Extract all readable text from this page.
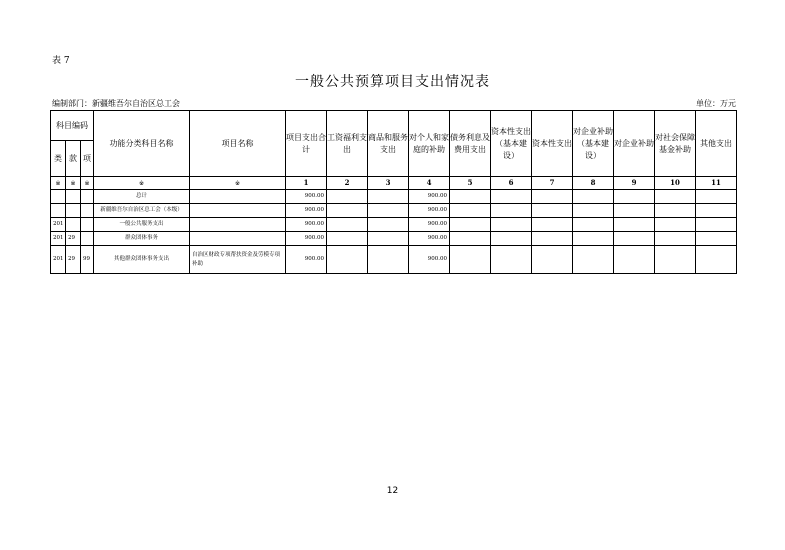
表 7
一般公共预算项目支出情况表
编制部门：新疆维吾尔自治区总工会	单位：万元
科目编码			功能分类科目名称	项目名称	项目支出合计	工资福利支出	商品和服务支出	对个人和家庭的补助	债务利息及费用支出	资本性支出（基本建设）	资本性支出	对企业补助（基本建设）	对企业补助	对社会保障基金补助	其他支出
类	款	项													
※	※	※	※	※	1	2	3	4	5	6	7	8	9	10	11
			总计		900.00			900.00							
			新疆维吾尔自治区总工会（本级）		900.00			900.00							
201			一般公共服务支出		900.00			900.00							
201	29		群众团体事务		900.00			900.00							
201	29	99	其他群众团体事务支出	自治区财政专项帮扶资金及劳模专项补助	900.00			900.00							
12
